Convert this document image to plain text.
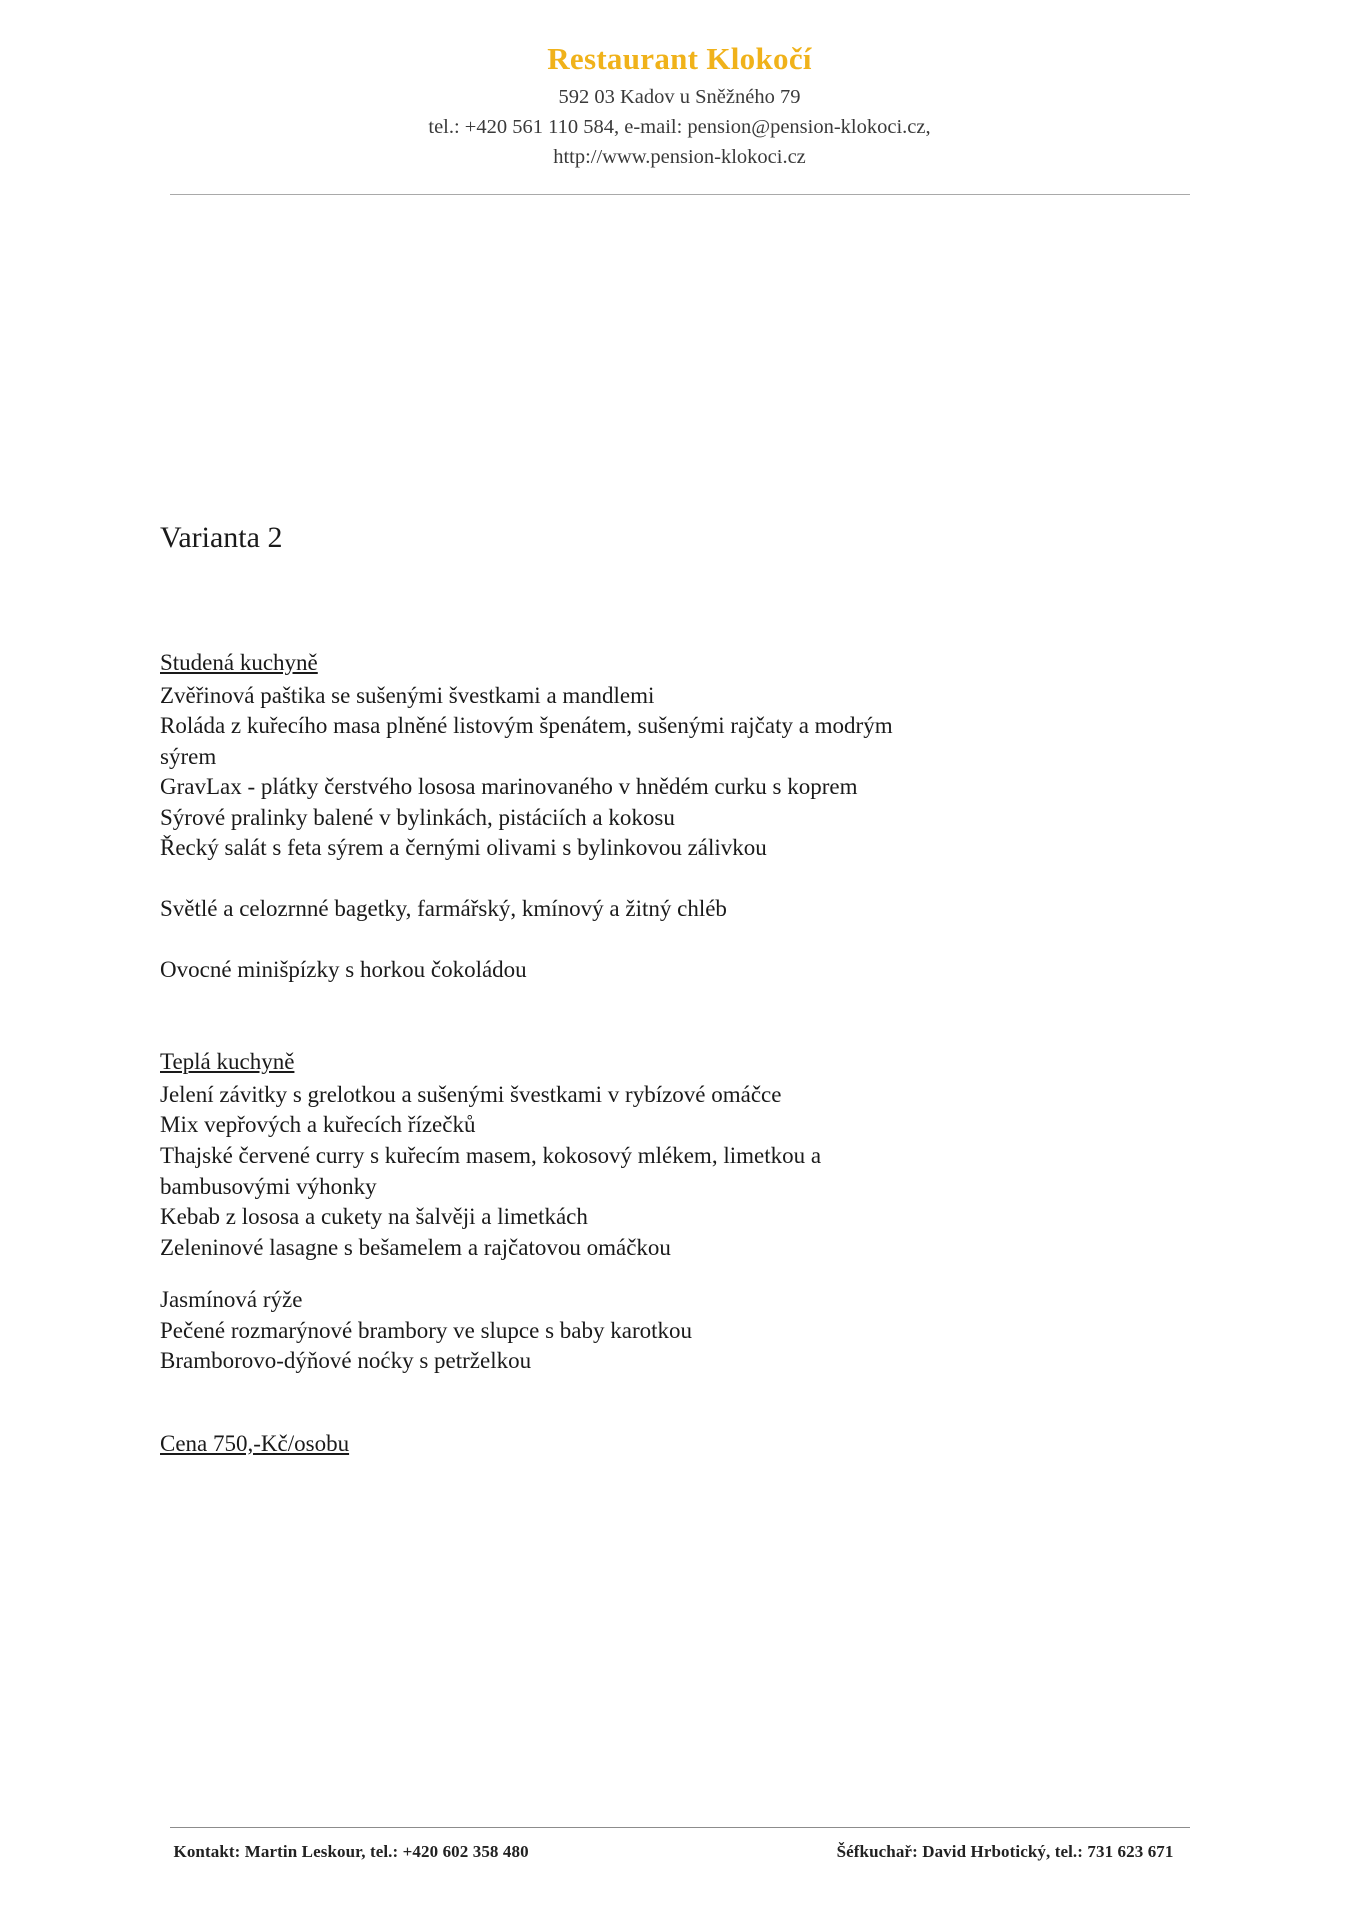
Restaurant Klokočí
592 03 Kadov u Sněžného 79
tel.: +420 561 110 584, e-mail: pension@pension-klokoci.cz,
http://www.pension-klokoci.cz
Varianta 2
Studená kuchyně
Zvěřinová paštika se sušenými švestkami a mandlemi
Roláda z kuřecího masa plněné listovým špenátem, sušenými rajčaty a modrým
sýrem
GravLax - plátky čerstvého lososa marinovaného v hnědém curku s koprem
Sýrové pralinky balené v bylinkách, pistáciích a kokosu
Řecký salát s feta sýrem a černými olivami s bylinkovou zálivkou
Světlé a celozrnné bagetky, farmářský, kmínový a žitný chléb
Ovocné minišpízky s horkou čokoládou
Teplá kuchyně
Jelení závitky s grelotkou a sušenými švestkami v rybízové omáčce
Mix vepřových a kuřecích řízečků
Thajské červené curry s kuřecím masem, kokosový mlékem, limetkou a
bambusovými výhonky
Kebab z lososa a cukety na šalvěji a limetkách
Zeleninové lasagne s bešamelem a rajčatovou omáčkou
Jasmínová rýže
Pečené rozmarýnové brambory ve slupce s baby karotkou
Bramborovo-dýňové noćky s petrželkou
Cena 750,-Kč/osobu
Kontakt: Martin Leskour, tel.: +420 602 358 480	Šéfkuchař: David Hrbotický, tel.: 731 623 671
